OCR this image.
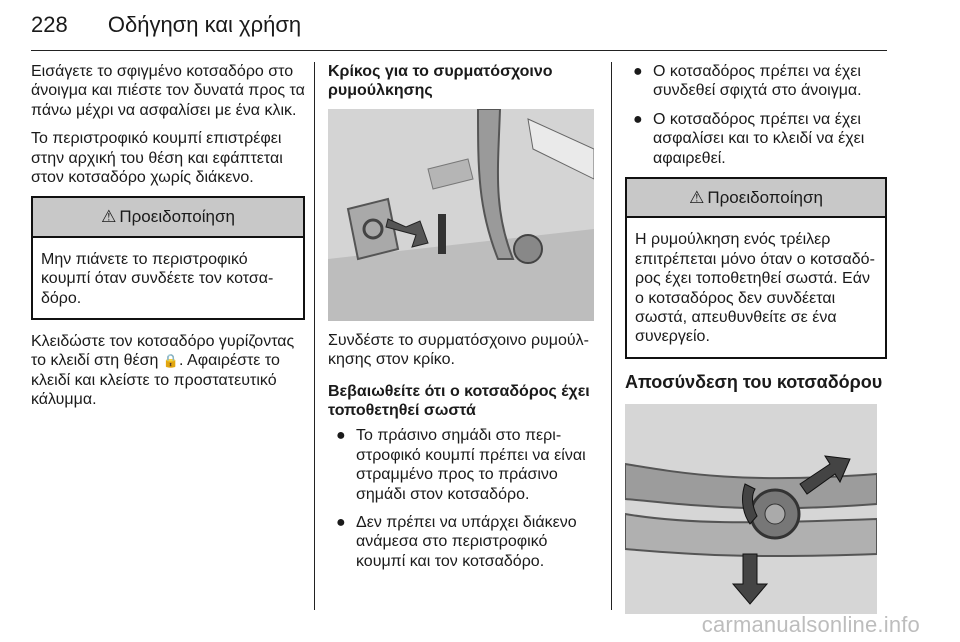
228 Οδήγηση και χρήση

Εισάγετε το σφιγμένο κοτσαδόρο στο άνοιγμα και πιέστε τον δυνατά προς τα πάνω μέχρι να ασφαλίσει με ένα κλικ.

Το περιστροφικό κουμπί επιστρέφει στην αρχική του θέση και εφάπτεται στον κοτσαδόρο χωρίς διάκενο.

⚠ Προειδοποίηση
Μην πιάνετε το περιστροφικό κουμπί όταν συνδέετε τον κοτσα-δόρο.

Κλειδώστε τον κοτσαδόρο γυρίζοντας το κλειδί στη θέση 🔒. Αφαιρέστε το κλειδί και κλείστε το προστατευτικό κάλυμμα.

Κρίκος για το συρματόσχοινο ρυμούλκησης

Συνδέστε το συρματόσχοινο ρυμούλ-κησης στον κρίκο.

Βεβαιωθείτε ότι ο κοτσαδόρος έχει τοποθετηθεί σωστά
● Το πράσινο σημάδι στο περι-στροφικό κουμπί πρέπει να είναι στραμμένο προς το πράσινο σημάδι στον κοτσαδόρο.
● Δεν πρέπει να υπάρχει διάκενο ανάμεσα στο περιστροφικό κουμπί και τον κοτσαδόρο.
● Ο κοτσαδόρος πρέπει να έχει συνδεθεί σφιχτά στο άνοιγμα.
● Ο κοτσαδόρος πρέπει να έχει ασφαλίσει και το κλειδί να έχει αφαιρεθεί.
⚠ Προειδοποίηση
Η ρυμούλκηση ενός τρέιλερ επιτρέπεται μόνο όταν ο κοτσαδό-ρος έχει τοποθετηθεί σωστά. Εάν ο κοτσαδόρος δεν συνδέεται σωστά, απευθυνθείτε σε ένα συνεργείο.
Αποσύνδεση του κοτσαδόρου
carmanualsonline.info
